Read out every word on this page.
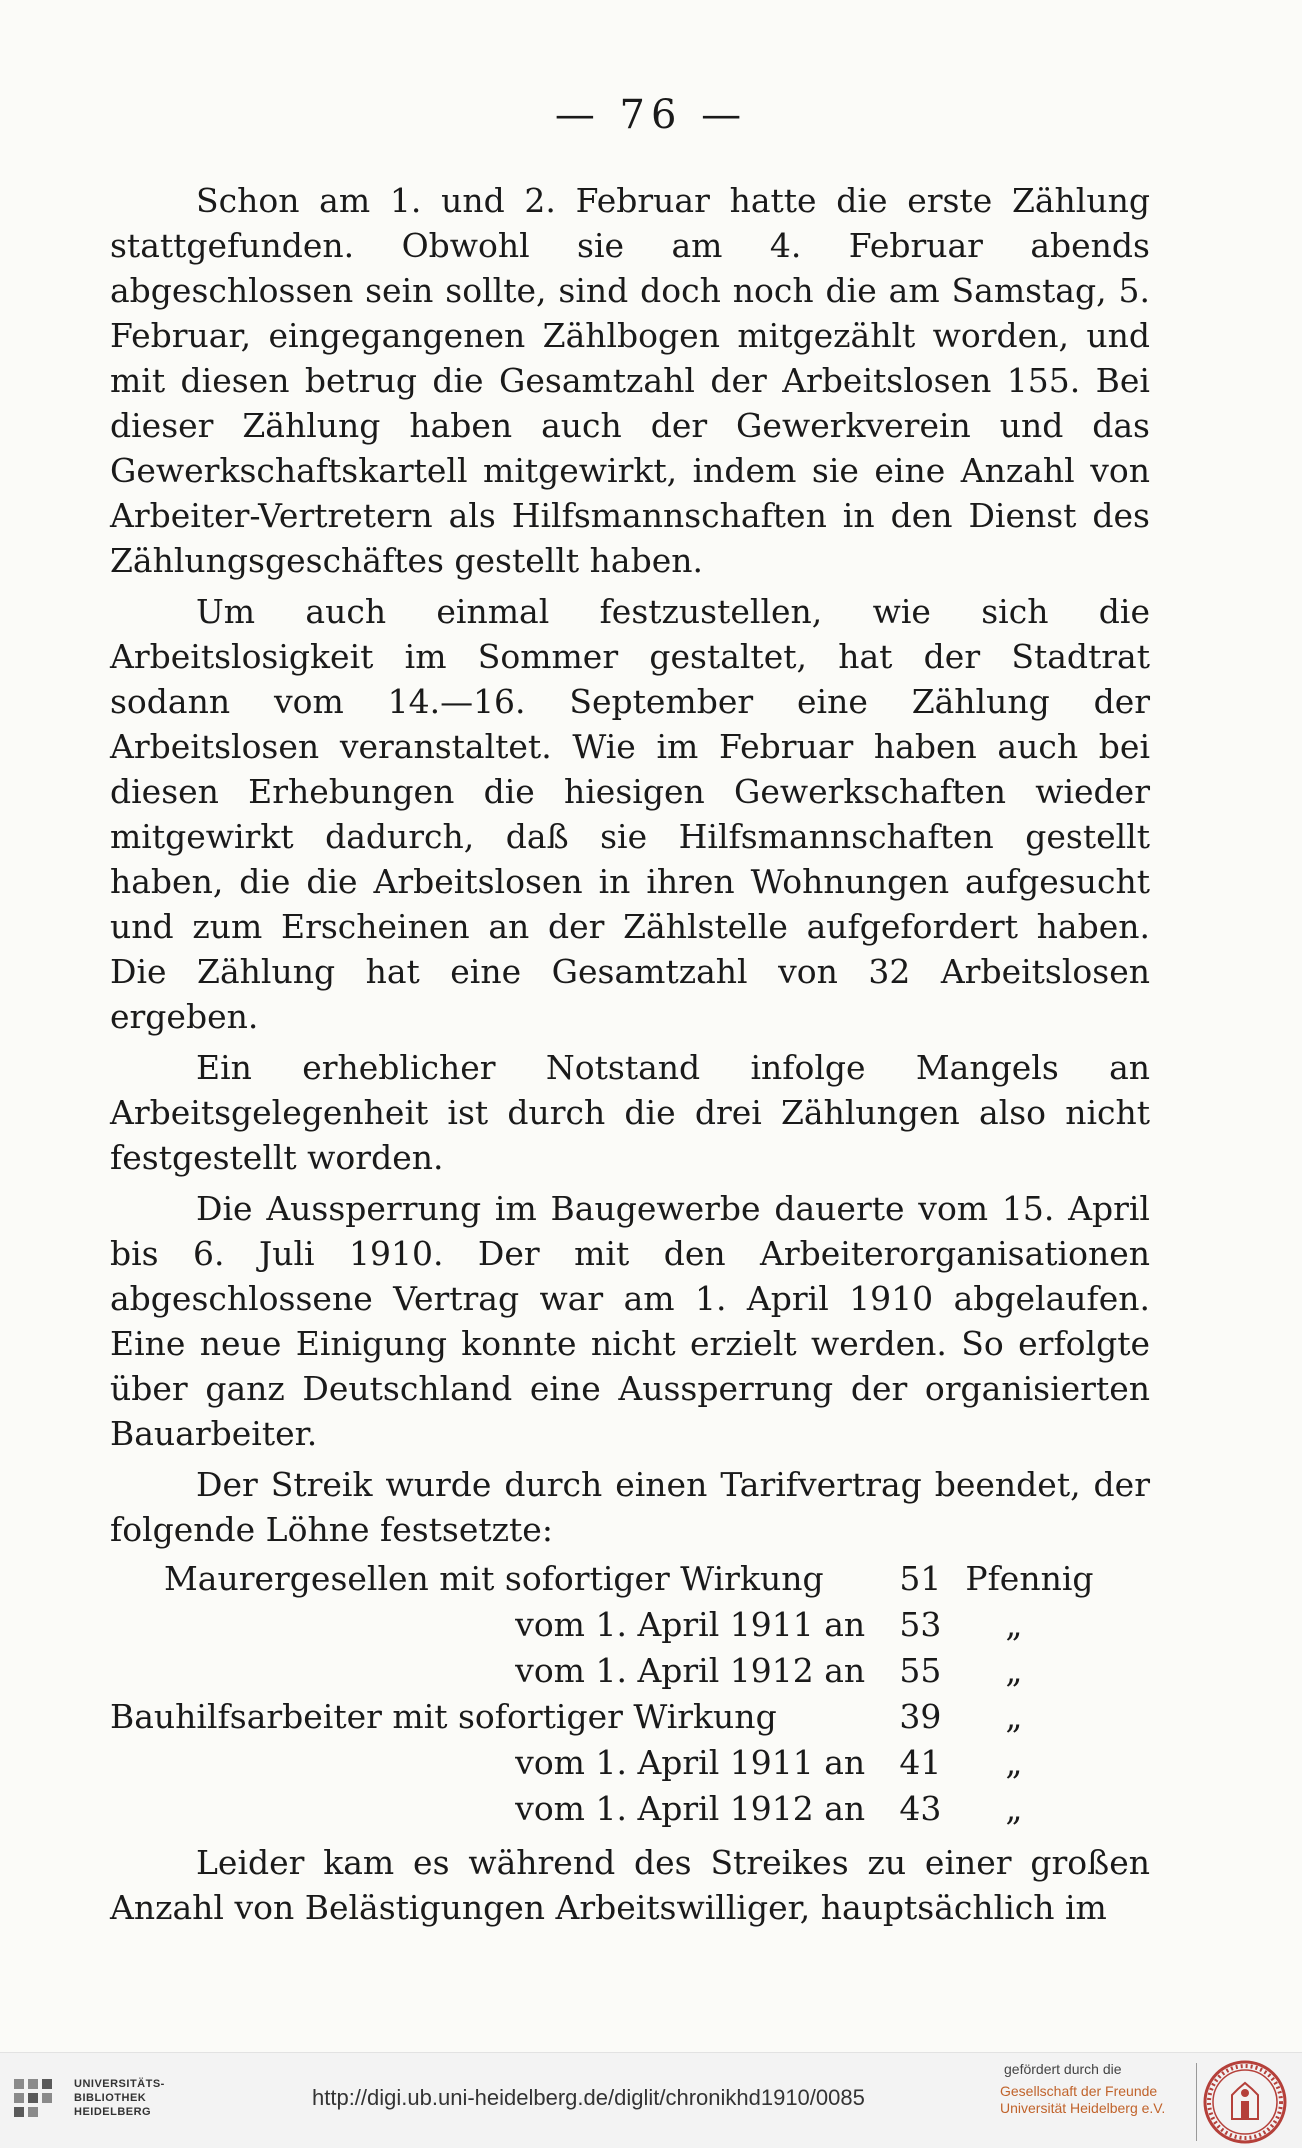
— 76 —

Schon am 1. und 2. Februar hatte die erste Zählung stattgefunden. Obwohl sie am 4. Februar abends abgeschlossen sein sollte, sind doch noch die am Samstag, 5. Februar, eingegangenen Zählbogen mitgezählt worden, und mit diesen betrug die Gesamtzahl der Arbeitslosen 155. Bei dieser Zählung haben auch der Gewerkverein und das Gewerkschaftskartell mitgewirkt, indem sie eine Anzahl von Arbeiter-Vertretern als Hilfsmannschaften in den Dienst des Zählungsgeschäftes gestellt haben.

Um auch einmal festzustellen, wie sich die Arbeitslosigkeit im Sommer gestaltet, hat der Stadtrat sodann vom 14.—16. September eine Zählung der Arbeitslosen veranstaltet. Wie im Februar haben auch bei diesen Erhebungen die hiesigen Gewerkschaften wieder mitgewirkt dadurch, daß sie Hilfsmannschaften gestellt haben, die die Arbeitslosen in ihren Wohnungen aufgesucht und zum Erscheinen an der Zählstelle aufgefordert haben. Die Zählung hat eine Gesamtzahl von 32 Arbeitslosen ergeben.

Ein erheblicher Notstand infolge Mangels an Arbeitsgelegenheit ist durch die drei Zählungen also nicht festgestellt worden.

Die Aussperrung im Baugewerbe dauerte vom 15. April bis 6. Juli 1910. Der mit den Arbeiterorganisationen abgeschlossene Vertrag war am 1. April 1910 abgelaufen. Eine neue Einigung konnte nicht erzielt werden. So erfolgte über ganz Deutschland eine Aussperrung der organisierten Bauarbeiter.

Der Streik wurde durch einen Tarifvertrag beendet, der folgende Löhne festsetzte:

Maurergesellen mit sofortiger Wirkung	51	Pfennig
vom 1. April 1911 an	53	„
vom 1. April 1912 an	55	„
Bauhilfsarbeiter mit sofortiger Wirkung	39	„
vom 1. April 1911 an	41	„
vom 1. April 1912 an	43	„

Leider kam es während des Streikes zu einer großen Anzahl von Belästigungen Arbeitswilliger, hauptsächlich im

UNIVERSITÄTS-
BIBLIOTHEK
HEIDELBERG
http://digi.ub.uni-heidelberg.de/diglit/chronikhd1910/0085
gefördert durch die
Gesellschaft der Freunde
Universität Heidelberg e.V.
